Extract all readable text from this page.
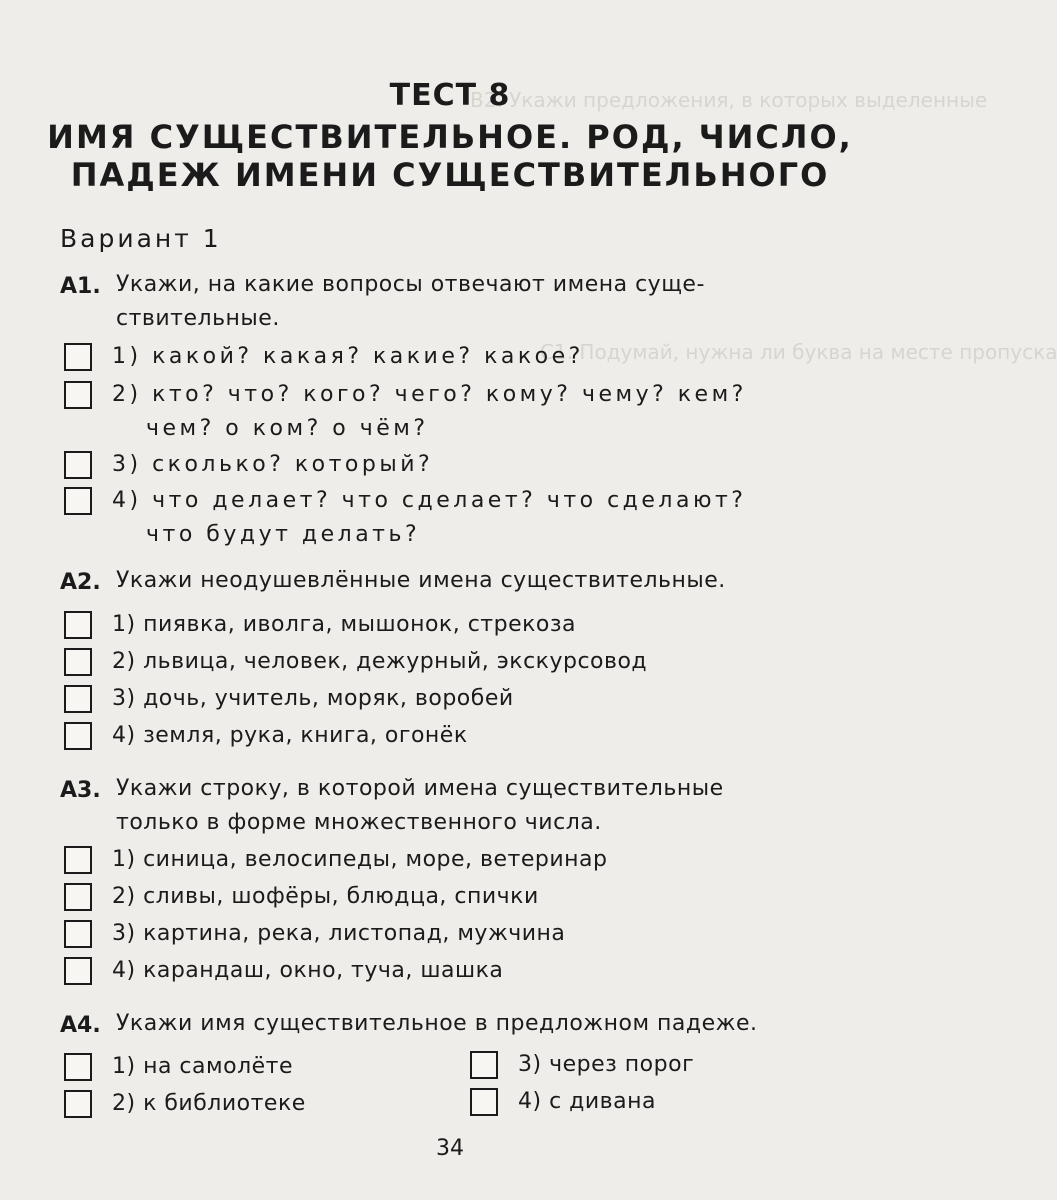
В2. Укажи предложения, в которых выделенные
С1. Подумай, нужна ли буква на месте пропуска
ТЕСТ 8
ИМЯ СУЩЕСТВИТЕЛЬНОЕ. РОД, ЧИСЛО,
ПАДЕЖ ИМЕНИ СУЩЕСТВИТЕЛЬНОГО
Вариант 1
А1. Укажи, на какие вопросы отвечают имена суще-
ствительные.
1) какой? какая? какие? какое?
2) кто? что? кого? чего? кому? чему? кем?
чем? о ком? о чём?
3) сколько? который?
4) что делает? что сделает? что сделают?
что будут делать?
А2. Укажи неодушевлённые имена существительные.
1) пиявка, иволга, мышонок, стрекоза
2) львица, человек, дежурный, экскурсовод
3) дочь, учитель, моряк, воробей
4) земля, рука, книга, огонёк
А3. Укажи строку, в которой имена существительные
только в форме множественного числа.
1) синица, велосипеды, море, ветеринар
2) сливы, шофёры, блюдца, спички
3) картина, река, листопад, мужчина
4) карандаш, окно, туча, шашка
А4. Укажи имя существительное в предложном падеже.
1) на самолёте
2) к библиотеке
3) через порог
4) с дивана
34
